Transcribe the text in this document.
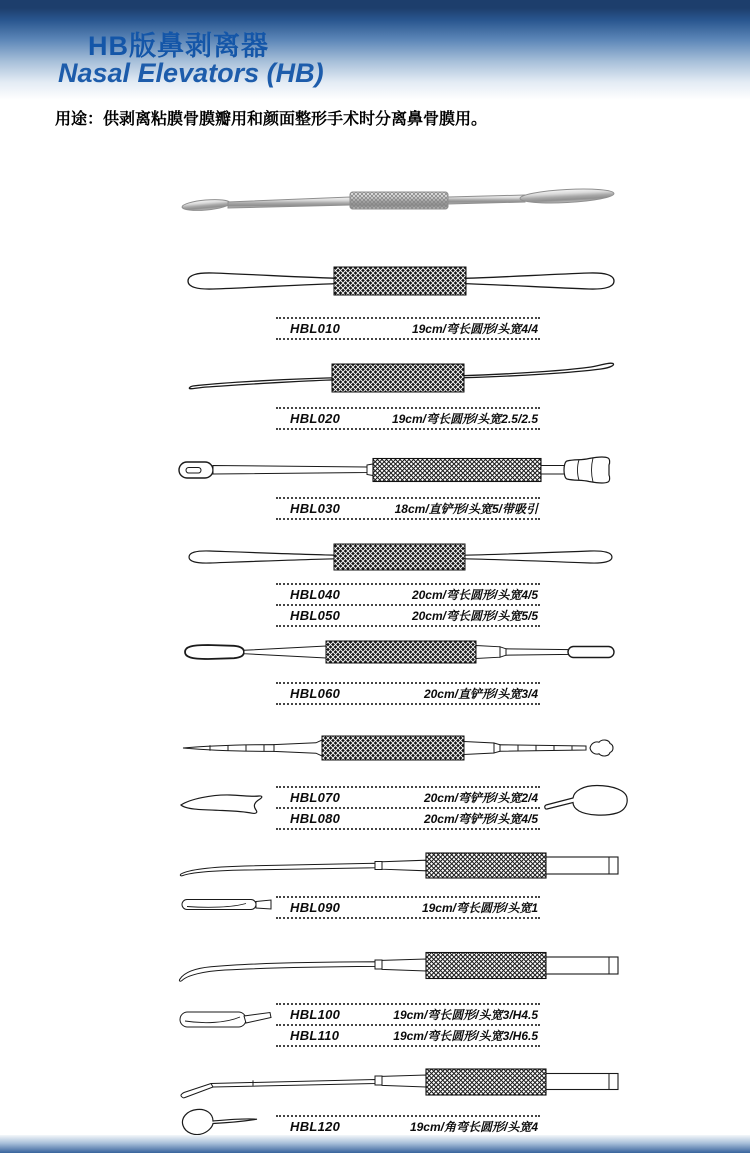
HB版鼻剥离器
Nasal Elevators (HB)
用途：供剥离粘膜骨膜瓣用和颜面整形手术时分离鼻骨膜用。
HBL010	19cm/弯长圆形/头宽4/4
HBL020	19cm/弯长圆形/头宽2.5/2.5
HBL030	18cm/直铲形/头宽5/带吸引
HBL040	20cm/弯长圆形/头宽4/5
HBL050	20cm/弯长圆形/头宽5/5
HBL060	20cm/直铲形/头宽3/4
HBL070	20cm/弯铲形/头宽2/4
HBL080	20cm/弯铲形/头宽4/5
HBL090	19cm/弯长圆形/头宽1
HBL100	19cm/弯长圆形/头宽3/H4.5
HBL110	19cm/弯长圆形/头宽3/H6.5
HBL120	19cm/角弯长圆形/头宽4
